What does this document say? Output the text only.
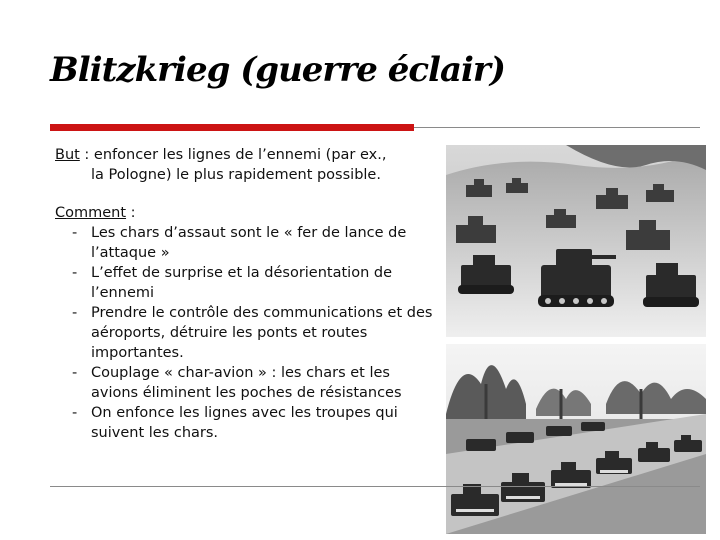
Blitzkrieg (guerre éclair)

But : enfoncer les lignes de l’ennemi (par ex.,

la Pologne) le plus rapidement possible.

Comment :

- Les chars d’assaut sont le « fer de lance de l’attaque »
- L’effet de surprise et la désorientation de l’ennemi
- Prendre le contrôle des communications et des aéroports, détruire les ponts et routes importantes.
- Couplage « char-avion » : les chars et les avions éliminent les poches de résistances
- On enfonce les lignes avec les troupes qui suivent les chars.
